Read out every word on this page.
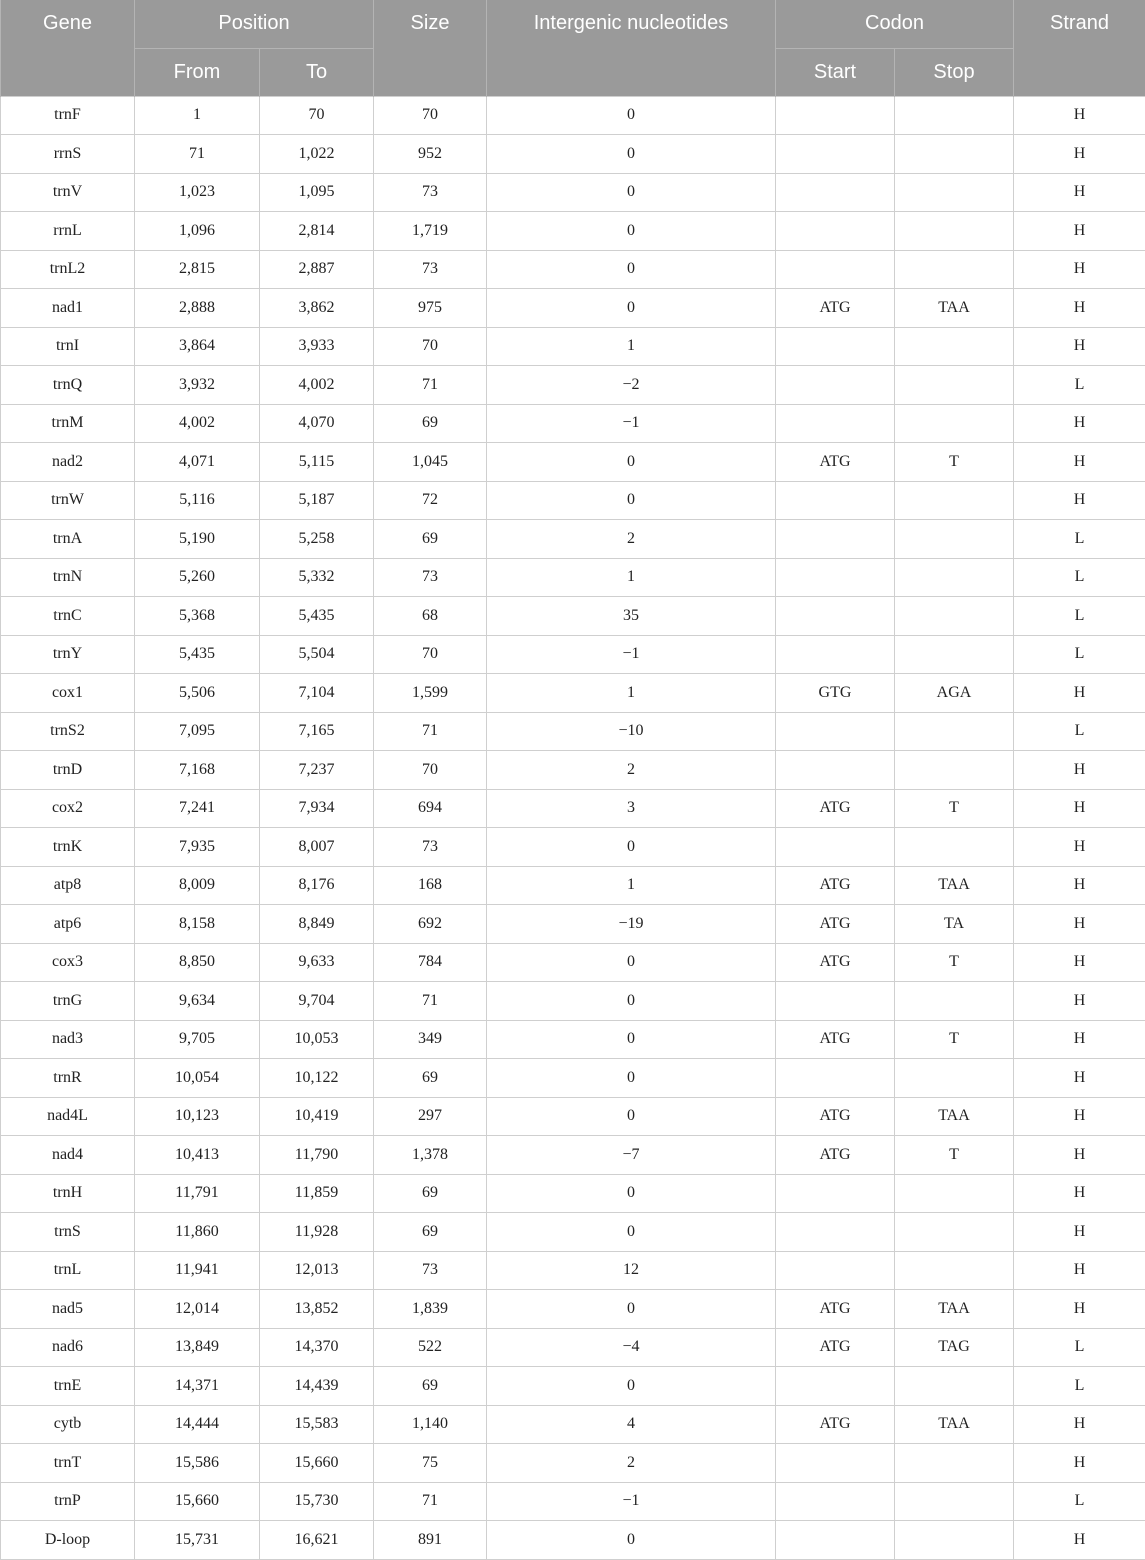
Gene	Position		Size	Intergenic nucleotides	Codon		Strand
	From	To			Start	Stop	
trnF	1	70	70	0			H
rrnS	71	1,022	952	0			H
trnV	1,023	1,095	73	0			H
rrnL	1,096	2,814	1,719	0			H
trnL2	2,815	2,887	73	0			H
nad1	2,888	3,862	975	0	ATG	TAA	H
trnI	3,864	3,933	70	1			H
trnQ	3,932	4,002	71	−2			L
trnM	4,002	4,070	69	−1			H
nad2	4,071	5,115	1,045	0	ATG	T	H
trnW	5,116	5,187	72	0			H
trnA	5,190	5,258	69	2			L
trnN	5,260	5,332	73	1			L
trnC	5,368	5,435	68	35			L
trnY	5,435	5,504	70	−1			L
cox1	5,506	7,104	1,599	1	GTG	AGA	H
trnS2	7,095	7,165	71	−10			L
trnD	7,168	7,237	70	2			H
cox2	7,241	7,934	694	3	ATG	T	H
trnK	7,935	8,007	73	0			H
atp8	8,009	8,176	168	1	ATG	TAA	H
atp6	8,158	8,849	692	−19	ATG	TA	H
cox3	8,850	9,633	784	0	ATG	T	H
trnG	9,634	9,704	71	0			H
nad3	9,705	10,053	349	0	ATG	T	H
trnR	10,054	10,122	69	0			H
nad4L	10,123	10,419	297	0	ATG	TAA	H
nad4	10,413	11,790	1,378	−7	ATG	T	H
trnH	11,791	11,859	69	0			H
trnS	11,860	11,928	69	0			H
trnL	11,941	12,013	73	12			H
nad5	12,014	13,852	1,839	0	ATG	TAA	H
nad6	13,849	14,370	522	−4	ATG	TAG	L
trnE	14,371	14,439	69	0			L
cytb	14,444	15,583	1,140	4	ATG	TAA	H
trnT	15,586	15,660	75	2			H
trnP	15,660	15,730	71	−1			L
D-loop	15,731	16,621	891	0			H
